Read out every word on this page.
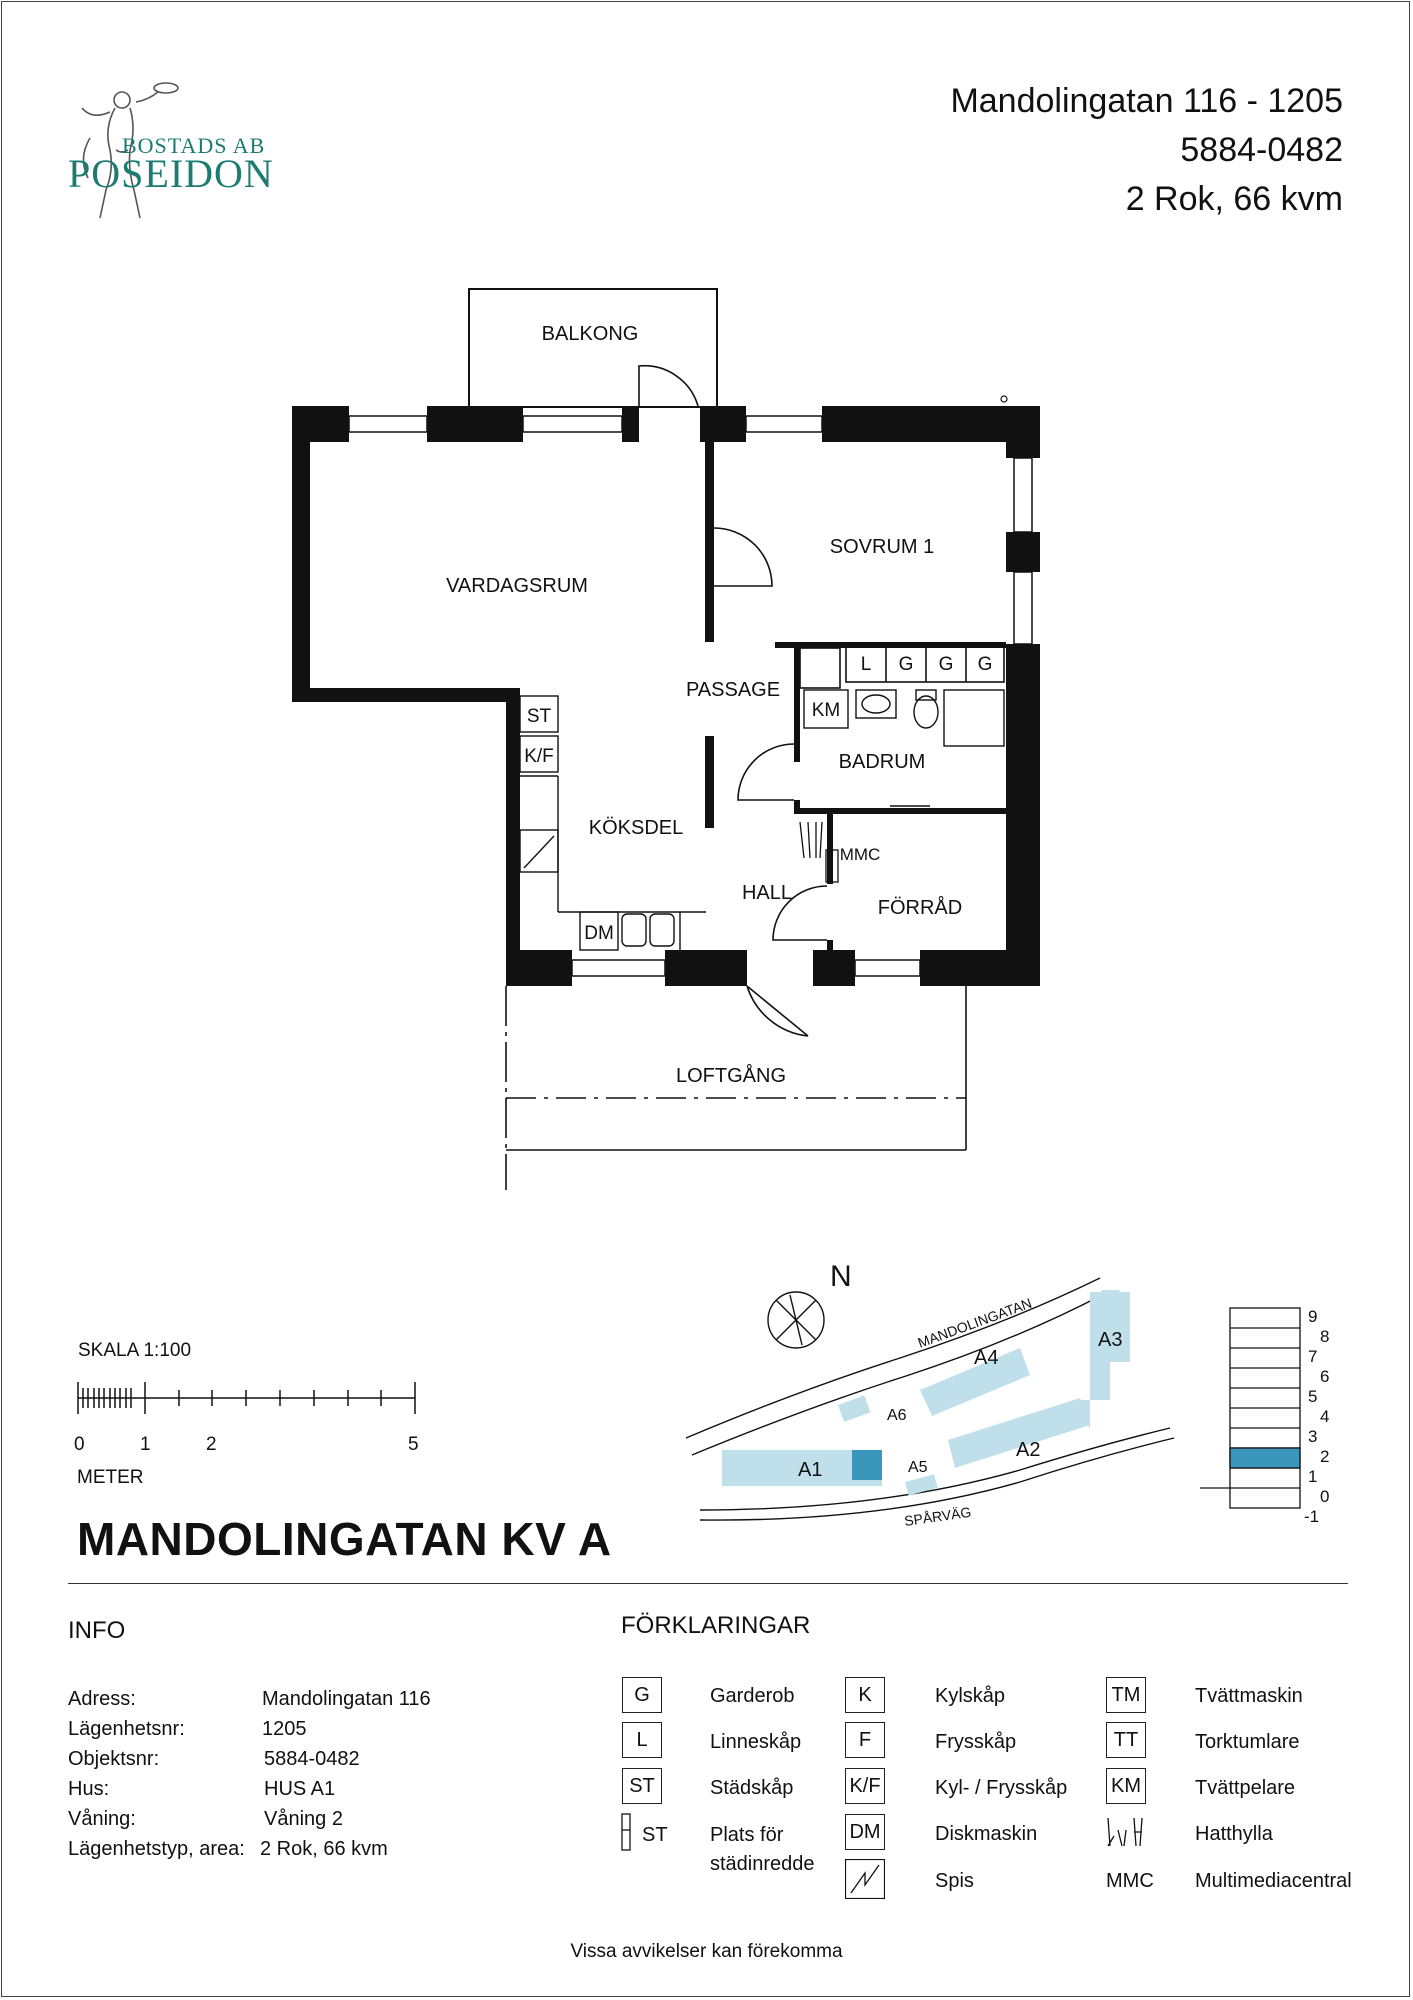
BOSTADS AB
POSEIDON
Mandolingatan 116 - 1205
5884-0482
2 Rok, 66 kvm
BALKONG
VARDAGSRUM
SOVRUM 1
PASSAGE
BADRUM
KÖKSDEL
HALL
FÖRRÅD
LOFTGÅNG
L G G G
KM
ST
K/F
DM
MMC
SKALA 1:100
0	1	2	5
METER
N
MANDOLINGATAN
SPÅRVÄG
A1
A2
A3
A4
A5
A6
9
8
7
6
5
4
3
2
1
0
-1
MANDOLINGATAN KV A
INFO
Adress:	Mandolingatan 116
Lägenhetsnr:	1205
Objektsnr:	5884-0482
Hus:	HUS A1
Våning:	Våning 2
Lägenhetstyp, area: 2 Rok, 66 kvm
FÖRKLARINGAR
G	Garderob
L	Linneskåp
ST	Städskåp
ST Plats för
städinredde
K	Kylskåp
F	Frysskåp
K/F	Kyl- / Frysskåp
DM	Diskmaskin
Spis
TM	Tvättmaskin
TT	Torktumlare
KM	Tvättpelare
Hatthylla
MMC Multimediacentral
Vissa avvikelser kan förekomma
